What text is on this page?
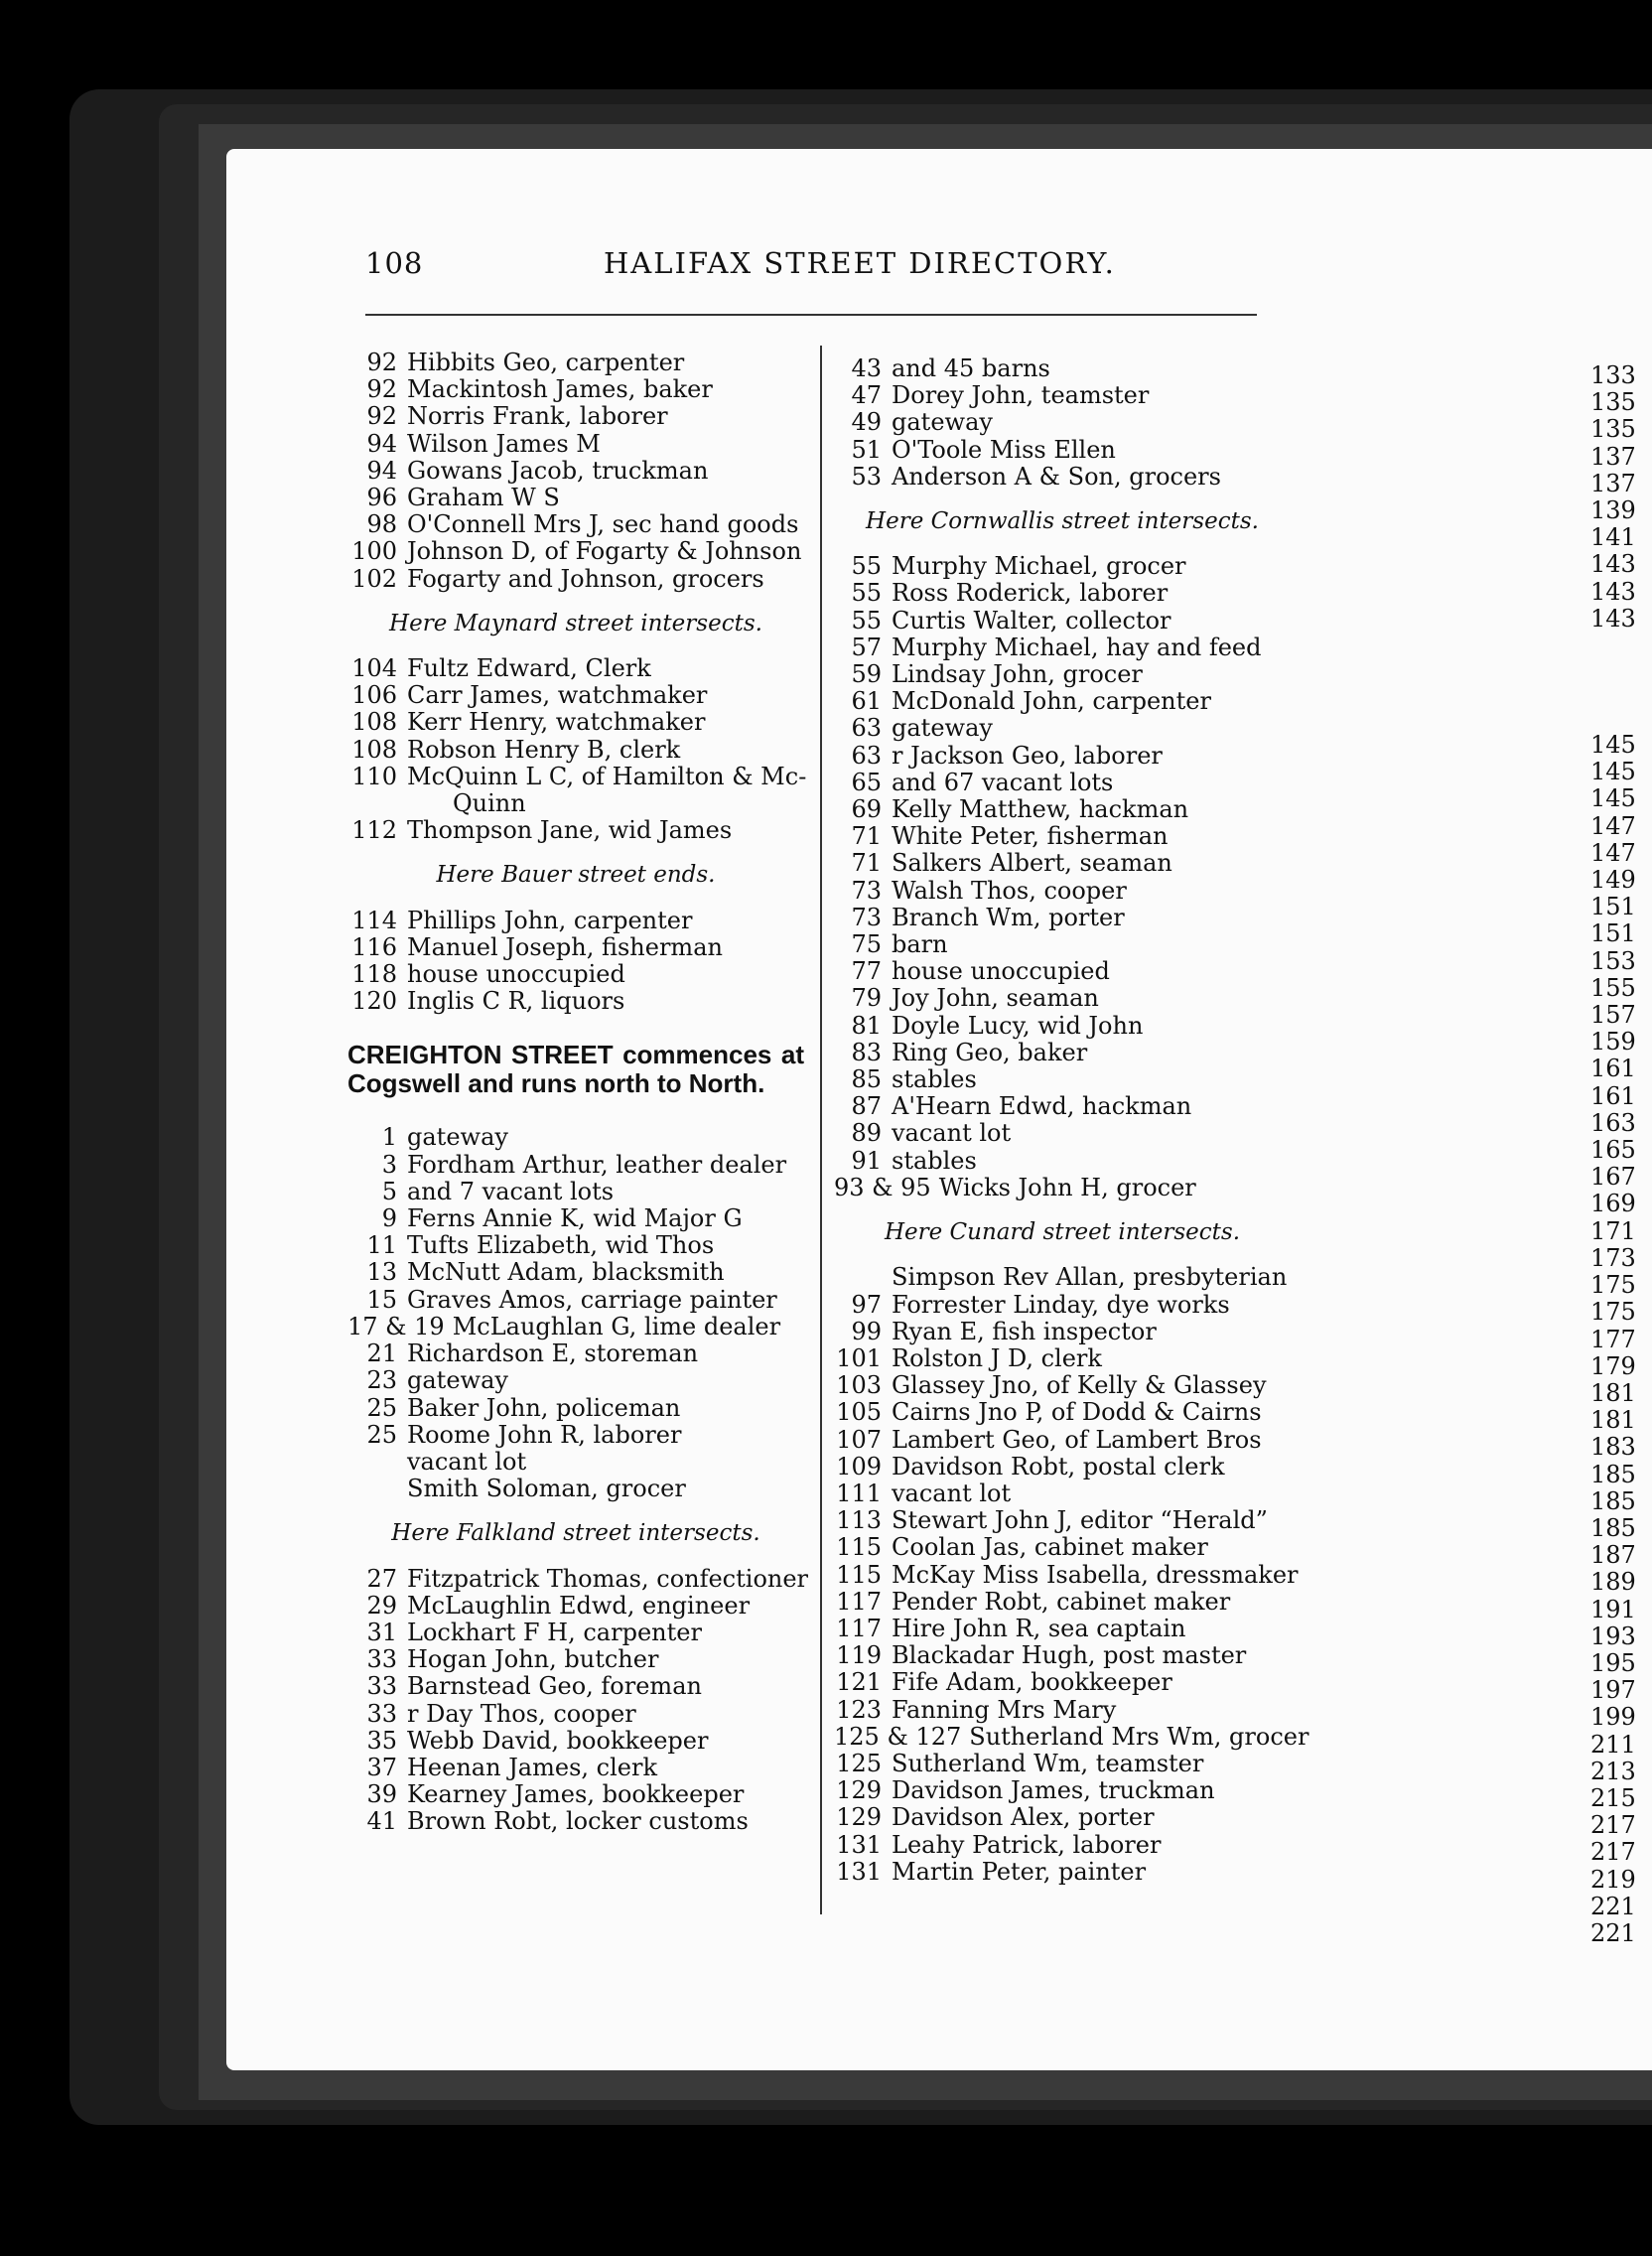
108	HALIFAX STREET DIRECTORY.
92 Hibbits Geo, carpenter
92 Mackintosh James, baker
92 Norris Frank, laborer
94 Wilson James M
94 Gowans Jacob, truckman
96 Graham W S
98 O'Connell Mrs J, sec hand goods
100 Johnson D, of Fogarty & Johnson
102 Fogarty and Johnson, grocers
Here Maynard street intersects.
104 Fultz Edward, Clerk
106 Carr James, watchmaker
108 Kerr Henry, watchmaker
108 Robson Henry B, clerk
110 McQuinn L C, of Hamilton & Mc-
Quinn
112 Thompson Jane, wid James
Here Bauer street ends.
114 Phillips John, carpenter
116 Manuel Joseph, fisherman
118 house unoccupied
120 Inglis C R, liquors
CREIGHTON STREET commences at Cogswell and runs north to North.
1 gateway
3 Fordham Arthur, leather dealer
5 and 7 vacant lots
9 Ferns Annie K, wid Major G
11 Tufts Elizabeth, wid Thos
13 McNutt Adam, blacksmith
15 Graves Amos, carriage painter
17 & 19 McLaughlan G, lime dealer
21 Richardson E, storeman
23 gateway
25 Baker John, policeman
25 Roome John R, laborer
vacant lot
Smith Soloman, grocer
Here Falkland street intersects.
27 Fitzpatrick Thomas, confectioner
29 McLaughlin Edwd, engineer
31 Lockhart F H, carpenter
33 Hogan John, butcher
33 Barnstead Geo, foreman
33 r Day Thos, cooper
35 Webb David, bookkeeper
37 Heenan James, clerk
39 Kearney James, bookkeeper
41 Brown Robt, locker customs
43 and 45 barns
47 Dorey John, teamster
49 gateway
51 O'Toole Miss Ellen
53 Anderson A & Son, grocers
Here Cornwallis street intersects.
55 Murphy Michael, grocer
55 Ross Roderick, laborer
55 Curtis Walter, collector
57 Murphy Michael, hay and feed
59 Lindsay John, grocer
61 McDonald John, carpenter
63 gateway
63 r Jackson Geo, laborer
65 and 67 vacant lots
69 Kelly Matthew, hackman
71 White Peter, fisherman
71 Salkers Albert, seaman
73 Walsh Thos, cooper
73 Branch Wm, porter
75 barn
77 house unoccupied
79 Joy John, seaman
81 Doyle Lucy, wid John
83 Ring Geo, baker
85 stables
87 A'Hearn Edwd, hackman
89 vacant lot
91 stables
93 & 95 Wicks John H, grocer
Here Cunard street intersects.
Simpson Rev Allan, presbyterian
97 Forrester Linday, dye works
99 Ryan E, fish inspector
101 Rolston J D, clerk
103 Glassey Jno, of Kelly & Glassey
105 Cairns Jno P, of Dodd & Cairns
107 Lambert Geo, of Lambert Bros
109 Davidson Robt, postal clerk
111 vacant lot
113 Stewart John J, editor “Herald”
115 Coolan Jas, cabinet maker
115 McKay Miss Isabella, dressmaker
117 Pender Robt, cabinet maker
117 Hire John R, sea captain
119 Blackadar Hugh, post master
121 Fife Adam, bookkeeper
123 Fanning Mrs Mary
125 & 127 Sutherland Mrs Wm, grocer
125 Sutherland Wm, teamster
129 Davidson James, truckman
129 Davidson Alex, porter
131 Leahy Patrick, laborer
131 Martin Peter, painter
133
135
135
137
137
139
141
143
143
143
145
145
145
147
147
149
151
151
153
155
157
159
161
161
163
165
167
169
171
173
175
175
177
179
181
181
183
185
185
185
187
189
191
193
195
197
199
211
213
215
217
217
219
221
221
